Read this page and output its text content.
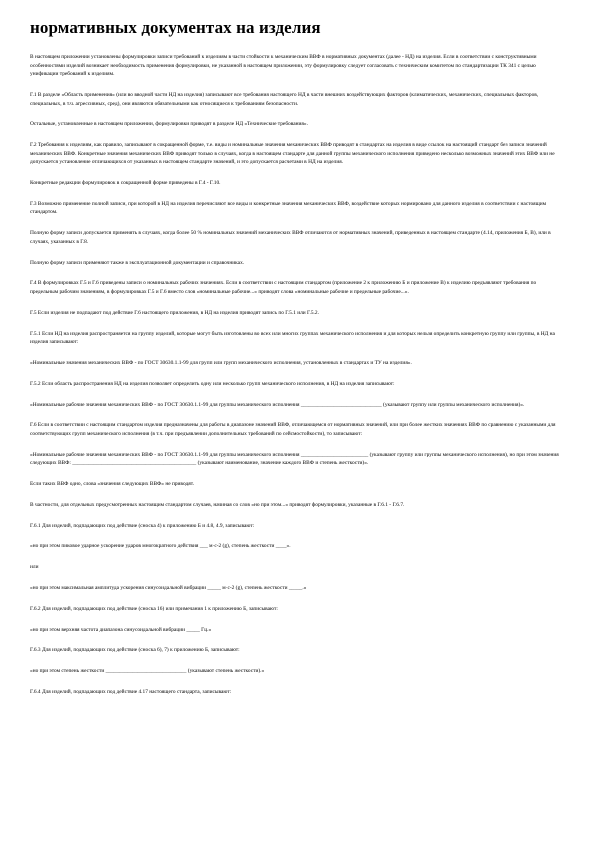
нормативных документах на изделия

В настоящем приложении установлены формулировки записи требований к изделиям в части стойкости к механическим ВВФ в нормативных документах (далее - НД) на изделия. Если в соответствии с конструктивными особенностями изделий возникает необходимость применения формулировки, не указанной в настоящем приложении, эту формулировку следует согласовать с техническим комитетом по стандартизации ТК 341 с целью унификации требований к изделиям.

Г.1 В разделе «Область применения» (или во вводной части НД на изделия) записывают все требования настоящего НД в части внешних воздействующих факторов (климатических, механических, специальных факторов, специальных, в т.ч. агрессивных, сред), они являются обязательными как относящиеся к требованиям безопасности.

Остальные, установленные в настоящем приложении, формулировки приводят в разделе НД «Технические требования».

Г.2 Требования к изделиям, как правило, записывают в сокращенной форме, т.е. виды и номинальные значения механических ВВФ приводят в стандартах на изделия в виде ссылок на настоящий стандарт без записи значений механических ВВФ. Конкретные значения механических ВВФ приводят только в случаях, когда в настоящем стандарте для данной группы механического исполнения приведено несколько возможных значений этих ВВФ или не допускается установление отличающихся от указанных в настоящем стандарте значений, и это допускается расчетами в НД на изделия.

Конкретные редакции формулировок в сокращенной форме приведены в Г.4 - Г.10.

Г.3 Возможно применение полной записи, при которой в НД на изделия перечисляют все виды и конкретные значения механических ВВФ, воздействие которых нормировано для данного изделия в соответствии с настоящим стандартом.

Полную форму записи допускается применять в случаях, когда более 50 % номинальных значений механических ВВФ отличаются от нормативных значений, приведенных в настоящем стандарте (4.14, приложения Б, В), или в случаях, указанных в Г.8.

Полную форму записи применяют также в эксплуатационной документации и справочниках.

Г.4 В формулировках Г.5 и Г.6 приведены записи о номинальных рабочих значениях. Если в соответствии с настоящим стандартом (приложение 2 к приложению Б и приложение В) к изделию предъявляют требования по предельным рабочим значениям, в формулировках Г.5 и Г.6 вместо слов «номинальные рабочие...» приводят слова «номинальные рабочие и предельные рабочие...».

Г.5 Если изделия не подпадают под действие Г.6 настоящего приложения, в НД на изделия приводят запись по Г.5.1 или Г.5.2.

Г.5.1 Если НД на изделия распространяется на группу изделий, которые могут быть изготовлены во всех или многих группах механического исполнения и для которых нельзя определить конкретную группу или группы, в НД на изделия записывают:

«Номинальные значения механических ВВФ - по ГОСТ 30630.1.1-99 для групп или групп механического исполнения, установленных в стандартах и ТУ на изделия».

Г.5.2 Если область распространения НД на изделия позволяет определить одну или несколько групп механического исполнения, в НД на изделия записывают:

«Номинальные рабочие значения механических ВВФ - по ГОСТ 30630.1.1-99 для группы механического исполнения ______________________________ (указывают группу или группы механического исполнения)».

Г.6 Если в соответствии с настоящим стандартом изделия предназначены для работы в диапазоне значений ВВФ, отличающемся от нормативных значений, или при более жестких значениях ВВФ по сравнению с указанными для соответствующих групп механического исполнения (в т.ч. при предъявлении дополнительных требований по сейсмостойкости), то записывают:

«Номинальные рабочие значения механических ВВФ - по ГОСТ 30630.1.1-99 для группы механического исполнения _________________________ (указывают группу или группы механического исполнения), но при этом значения следующих ВВФ: ______________________________________________ (указывают наименование, значение каждого ВВФ и степень жесткости)».

Если таких ВВФ одно, слова «значения следующих ВВФ» не приводят.

В частности, для отдельных предусмотренных настоящим стандартом случаев, начиная со слов «но при этом...» приводят формулировки, указанные в Г.6.1 - Г.6.7.

Г.6.1 Для изделий, подпадающих под действие (сноска 4) к приложению Б и 4.8, 4.9, записывают:

«но при этом пиковое ударное ускорение ударов многократного действия ___ м·с-2 (g), степень жесткости ____».

или

«но при этом максимальная амплитуда ускорения синусоидальной вибрации _____ м·с-2 (g), степень жесткости _____.»

Г.6.2 Для изделий, подпадающих под действие (сноска 16) или примечания 1 к приложению Б, записывают:

«но при этом верхняя частота диапазона синусоидальной вибрации _____ Гц.»

Г.6.3 Для изделий, подпадающих под действие (сноска 6), 7) к приложению Б, записывают:

«но при этом степень жесткости ______________________________ (указывают степень жесткости).»

Г.6.4 Для изделий, подпадающих под действие 4.17 настоящего стандарта, записывают:
